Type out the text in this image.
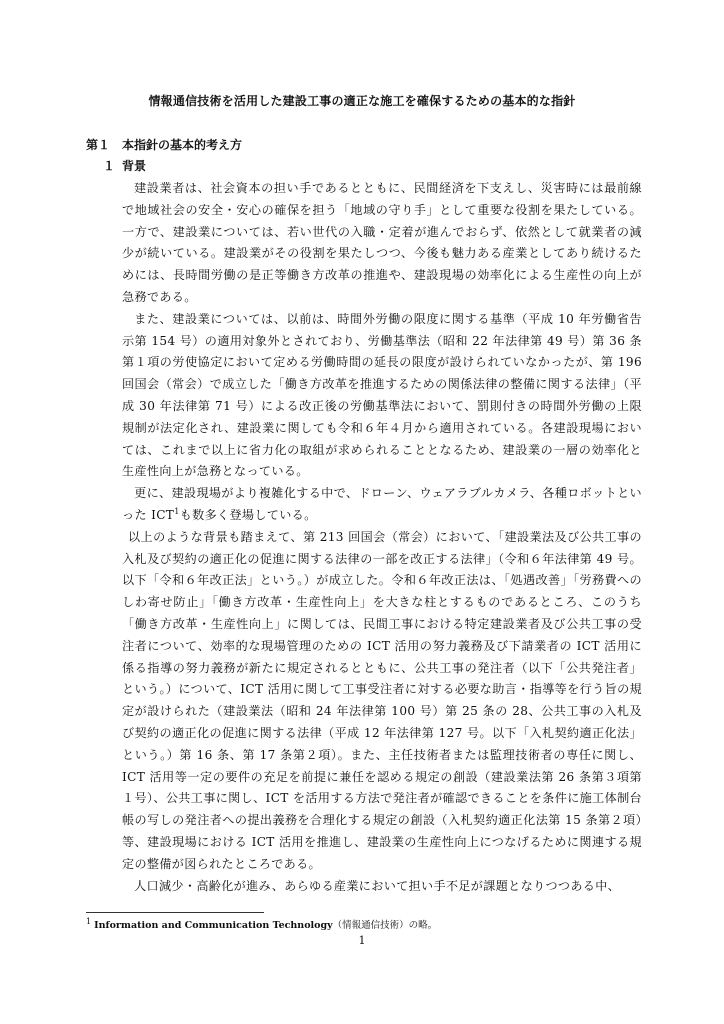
情報通信技術を活用した建設工事の適正な施工を確保するための基本的な指針
第１ 本指針の基本的考え方
１ 背景

建設業者は、社会資本の担い手であるとともに、民間経済を下支えし、災害時には最前線で地域社会の安全・安心の確保を担う「地域の守り手」として重要な役割を果たしている。一方で、建設業については、若い世代の入職・定着が進んでおらず、依然として就業者の減少が続いている。建設業がその役割を果たしつつ、今後も魅力ある産業としてあり続けるためには、長時間労働の是正等働き方改革の推進や、建設現場の効率化による生産性の向上が急務である。

また、建設業については、以前は、時間外労働の限度に関する基準（平成 10 年労働省告示第 154 号）の適用対象外とされており、労働基準法（昭和 22 年法律第 49 号）第 36 条第１項の労使協定において定める労働時間の延長の限度が設けられていなかったが、第 196 回国会（常会）で成立した「働き方改革を推進するための関係法律の整備に関する法律」（平成 30 年法律第 71 号）による改正後の労働基準法において、罰則付きの時間外労働の上限規制が法定化され、建設業に関しても令和６年４月から適用されている。各建設現場においては、これまで以上に省力化の取組が求められることとなるため、建設業の一層の効率化と生産性向上が急務となっている。

更に、建設現場がより複雑化する中で、ドローン、ウェアラブルカメラ、各種ロボットといった ICT$^1$も数多く登場している。

以上のような背景も踏まえて、第 213 回国会（常会）において、「建設業法及び公共工事の入札及び契約の適正化の促進に関する法律の一部を改正する法律」（令和６年法律第 49 号。以下「令和６年改正法」という。）が成立した。令和６年改正法は、「処遇改善」「労務費へのしわ寄せ防止」「働き方改革・生産性向上」を大きな柱とするものであるところ、このうち「働き方改革・生産性向上」に関しては、民間工事における特定建設業者及び公共工事の受注者について、効率的な現場管理のための ICT 活用の努力義務及び下請業者の ICT 活用に係る指導の努力義務が新たに規定されるとともに、公共工事の発注者（以下「公共発注者」という。）について、ICT 活用に関して工事受注者に対する必要な助言・指導等を行う旨の規定が設けられた（建設業法（昭和 24 年法律第 100 号）第 25 条の 28、公共工事の入札及び契約の適正化の促進に関する法律（平成 12 年法律第 127 号。以下「入札契約適正化法」という。）第 16 条、第 17 条第２項）。また、主任技術者または監理技術者の専任に関し、ICT 活用等一定の要件の充足を前提に兼任を認める規定の創設（建設業法第 26 条第３項第１号）、公共工事に関し、ICT を活用する方法で発注者が確認できることを条件に施工体制台帳の写しの発注者への提出義務を合理化する規定の創設（入札契約適正化法第 15 条第２項）等、建設現場における ICT 活用を推進し、建設業の生産性向上につなげるために関連する規定の整備が図られたところである。

人口減少・高齢化が進み、あらゆる産業において担い手不足が課題となりつつある中、

$^1$ Information and Communication Technology（情報通信技術）の略。
1
